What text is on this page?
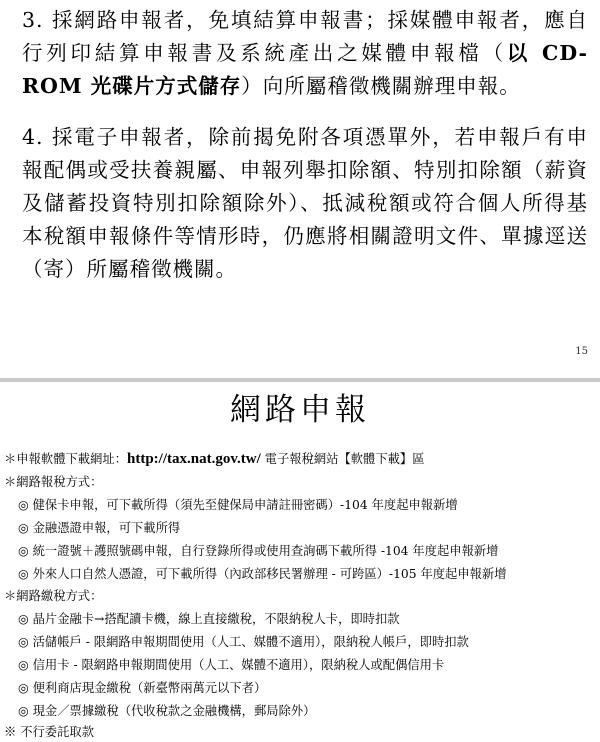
3. 採網路申報者，免填結算申報書；採媒體申報者，應自行列印結算申報書及系統產出之媒體申報檔（以 CD-ROM 光碟片方式儲存）向所屬稽徵機關辦理申報。

4. 採電子申報者，除前揭免附各項憑單外，若申報戶有申報配偶或受扶養親屬、申報列舉扣除額、特別扣除額（薪資及儲蓄投資特別扣除額除外）、抵減稅額或符合個人所得基本稅額申報條件等情形時，仍應將相關證明文件、單據逕送（寄）所屬稽徵機關。

15
網路申報
＊申報軟體下載網址：http://tax.nat.gov.tw/ 電子報稅網站【軟體下載】區
＊網路報稅方式：
◎ 健保卡申報，可下載所得（須先至健保局申請註冊密碼）-104 年度起申報新增
◎ 金融憑證申報，可下載所得
◎ 統一證號＋護照號碼申報，自行登錄所得或使用查詢碼下載所得 -104 年度起申報新增
◎ 外來人口自然人憑證，可下載所得（內政部移民署辦理 - 可跨區）-105 年度起申報新增
＊網路繳稅方式：
◎ 晶片金融卡→搭配讀卡機，線上直接繳稅，不限納稅人卡，即時扣款
◎ 活儲帳戶 - 限網路申報期間使用（人工、媒體不適用），限納稅人帳戶，即時扣款
◎ 信用卡 - 限網路申報期間使用（人工、媒體不適用），限納稅人或配偶信用卡
◎ 便利商店現金繳稅（新臺幣兩萬元以下者）
◎ 現金／票據繳稅（代收稅款之金融機構，郵局除外）
※ 不行委託取款
